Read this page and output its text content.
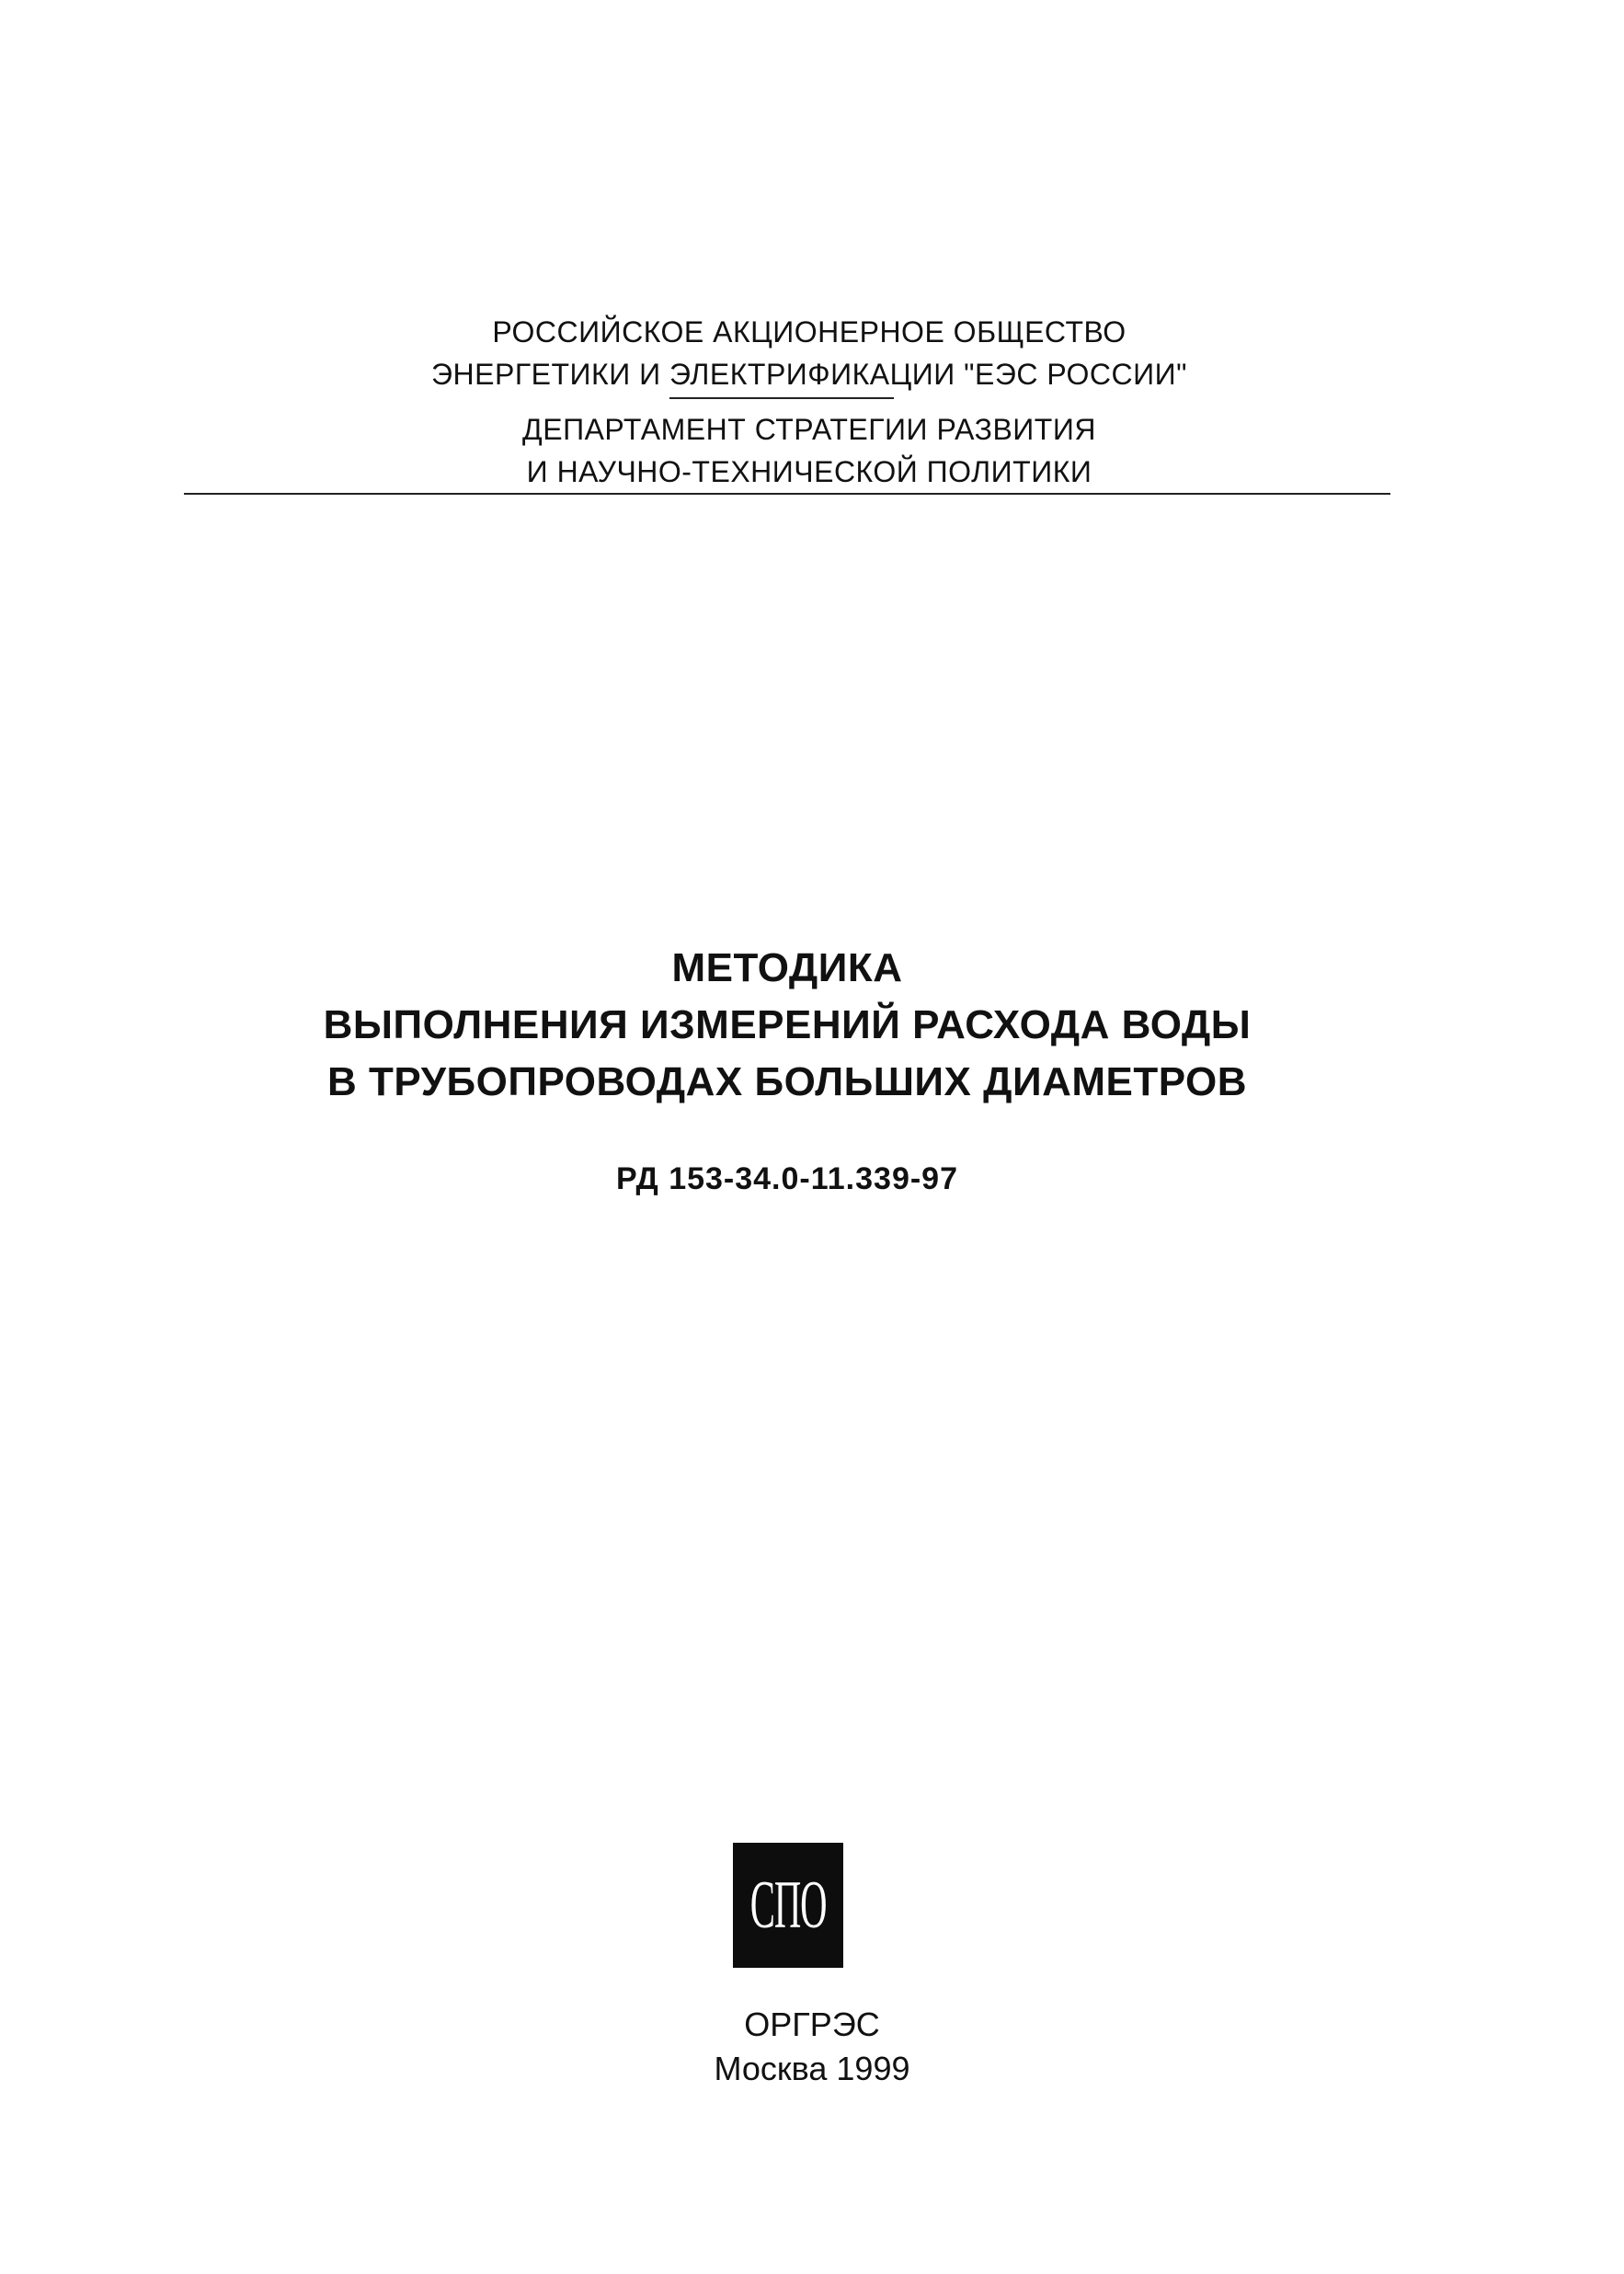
РОССИЙСКОЕ АКЦИОНЕРНОЕ ОБЩЕСТВО
ЭНЕРГЕТИКИ И ЭЛЕКТРИФИКАЦИИ "ЕЭС РОССИИ"
ДЕПАРТАМЕНТ СТРАТЕГИИ РАЗВИТИЯ
И НАУЧНО-ТЕХНИЧЕСКОЙ ПОЛИТИКИ
МЕТОДИКА
ВЫПОЛНЕНИЯ ИЗМЕРЕНИЙ РАСХОДА ВОДЫ
В ТРУБОПРОВОДАХ БОЛЬШИХ ДИАМЕТРОВ
РД 153-34.0-11.339-97
СПО
ОРГРЭС
Москва 1999
